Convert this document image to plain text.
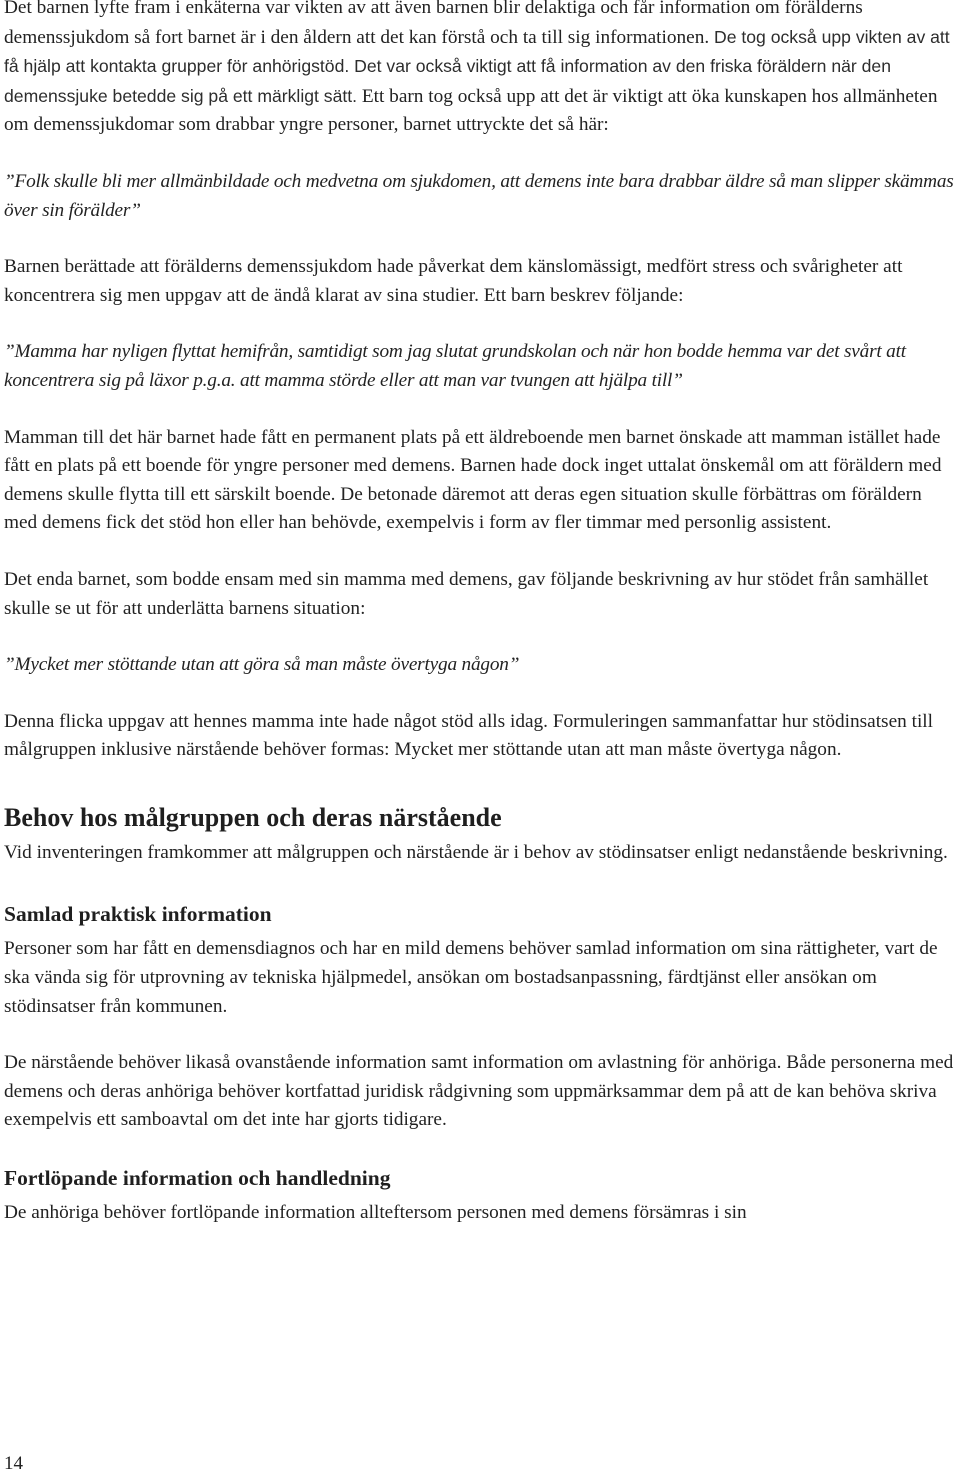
Det barnen lyfte fram i enkäterna var vikten av att även barnen blir delaktiga och får information om förälderns demenssjukdom så fort barnet är i den åldern att det kan förstå och ta till sig informationen. De tog också upp vikten av att få hjälp att kontakta grupper för anhörigstöd. Det var också viktigt att få information av den friska föräldern när den demenssjuke betedde sig på ett märkligt sätt. Ett barn tog också upp att det är viktigt att öka kunskapen hos allmänheten om demenssjukdomar som drabbar yngre personer, barnet uttryckte det så här:

”Folk skulle bli mer allmänbildade och medvetna om sjukdomen, att demens inte bara drabbar äldre så man slipper skämmas över sin förälder”

Barnen berättade att förälderns demenssjukdom hade påverkat dem känslomässigt, medfört stress och svårigheter att koncentrera sig men uppgav att de ändå klarat av sina studier. Ett barn beskrev följande:

”Mamma har nyligen flyttat hemifrån, samtidigt som jag slutat grundskolan och när hon bodde hemma var det svårt att koncentrera sig på läxor p.g.a. att mamma störde eller att man var tvungen att hjälpa till”

Mamman till det här barnet hade fått en permanent plats på ett äldreboende men barnet önskade att mamman istället hade fått en plats på ett boende för yngre personer med demens. Barnen hade dock inget uttalat önskemål om att föräldern med demens skulle flytta till ett särskilt boende. De betonade däremot att deras egen situation skulle förbättras om föräldern med demens fick det stöd hon eller han behövde, exempelvis i form av fler timmar med personlig assistent.

Det enda barnet, som bodde ensam med sin mamma med demens, gav följande beskrivning av hur stödet från samhället skulle se ut för att underlätta barnens situation:

”Mycket mer stöttande utan att göra så man måste övertyga någon”

Denna flicka uppgav att hennes mamma inte hade något stöd alls idag. Formuleringen sammanfattar hur stödinsatsen till målgruppen inklusive närstående behöver formas: Mycket mer stöttande utan att man måste övertyga någon.

Behov hos målgruppen och deras närstående

Vid inventeringen framkommer att målgruppen och närstående är i behov av stödinsatser enligt nedanstående beskrivning.

Samlad praktisk information

Personer som har fått en demensdiagnos och har en mild demens behöver samlad information om sina rättigheter, vart de ska vända sig för utprovning av tekniska hjälpmedel, ansökan om bostadsanpassning, färdtjänst eller ansökan om stödinsatser från kommunen.

De närstående behöver likaså ovanstående information samt information om avlastning för anhöriga. Både personerna med demens och deras anhöriga behöver kortfattad juridisk rådgivning som uppmärksammar dem på att de kan behöva skriva exempelvis ett samboavtal om det inte har gjorts tidigare.

Fortlöpande information och handledning

De anhöriga behöver fortlöpande information allteftersom personen med demens försämras i sin

14
